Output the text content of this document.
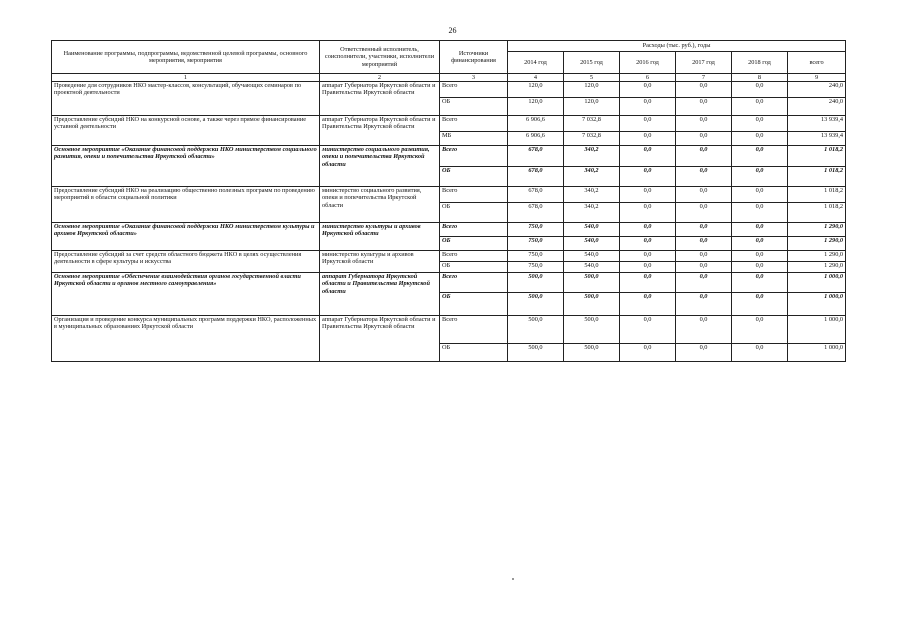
26
Наименование программы, подпрограммы, ведомственной целевой программы, основного мероприятия, мероприятия	Ответственный исполнитель, соисполнители, участники, исполнители мероприятий	Источники финансирования	Расходы (тыс. руб.), годы					
			2014 год	2015 год	2016 год	2017 год	2018 год	всего
1	2	3	4	5	6	7	8	9
Проведение для сотрудников НКО мастер-классов, консультаций, обучающих семинаров по проектной деятельности	аппарат Губернатора Иркутской области и Правительства Иркутской области	Всего	120,0	120,0	0,0	0,0	0,0	240,0
		ОБ	120,0	120,0	0,0	0,0	0,0	240,0
Предоставление субсидий НКО на конкурсной основе, а также через прямое финансирование уставной деятельности	аппарат Губернатора Иркутской области и Правительства Иркутской области	Всего	6 906,6	7 032,8	0,0	0,0	0,0	13 939,4
		МБ	6 906,6	7 032,8	0,0	0,0	0,0	13 939,4
Основное мероприятие «Оказание финансовой поддержки НКО министерством социального развития, опеки и попечительства Иркутской области»	министерство социального развития, опеки и попечительства Иркутской области	Всего	678,0	340,2	0,0	0,0	0,0	1 018,2
		ОБ	678,0	340,2	0,0	0,0	0,0	1 018,2
Предоставление субсидий НКО на реализацию общественно полезных программ по проведению мероприятий в области социальной политики	министерство социального развития, опеки и попечительства Иркутской области	Всего	678,0	340,2	0,0	0,0	0,0	1 018,2
		ОБ	678,0	340,2	0,0	0,0	0,0	1 018,2
Основное мероприятие «Оказание финансовой поддержки НКО министерством культуры и архивов Иркутской области»	министерство культуры и архивов Иркутской области	Всего	750,0	540,0	0,0	0,0	0,0	1 290,0
		ОБ	750,0	540,0	0,0	0,0	0,0	1 290,0
Предоставление субсидий за счет средств областного бюджета НКО в целях осуществления деятельности в сфере культуры и искусства	министерство культуры и архивов Иркутской области	Всего	750,0	540,0	0,0	0,0	0,0	1 290,0
		ОБ	750,0	540,0	0,0	0,0	0,0	1 290,0
Основное мероприятие «Обеспечение взаимодействия органов государственной власти Иркутской области и органов местного самоуправления»	аппарат Губернатора Иркутской области и Правительства Иркутской области	Всего	500,0	500,0	0,0	0,0	0,0	1 000,0
		ОБ	500,0	500,0	0,0	0,0	0,0	1 000,0
Организация и проведение конкурса муниципальных программ поддержки НКО, расположенных в муниципальных образованиях Иркутской области	аппарат Губернатора Иркутской области и Правительства Иркутской области	Всего	500,0	500,0	0,0	0,0	0,0	1 000,0
		ОБ	500,0	500,0	0,0	0,0	0,0	1 000,0
